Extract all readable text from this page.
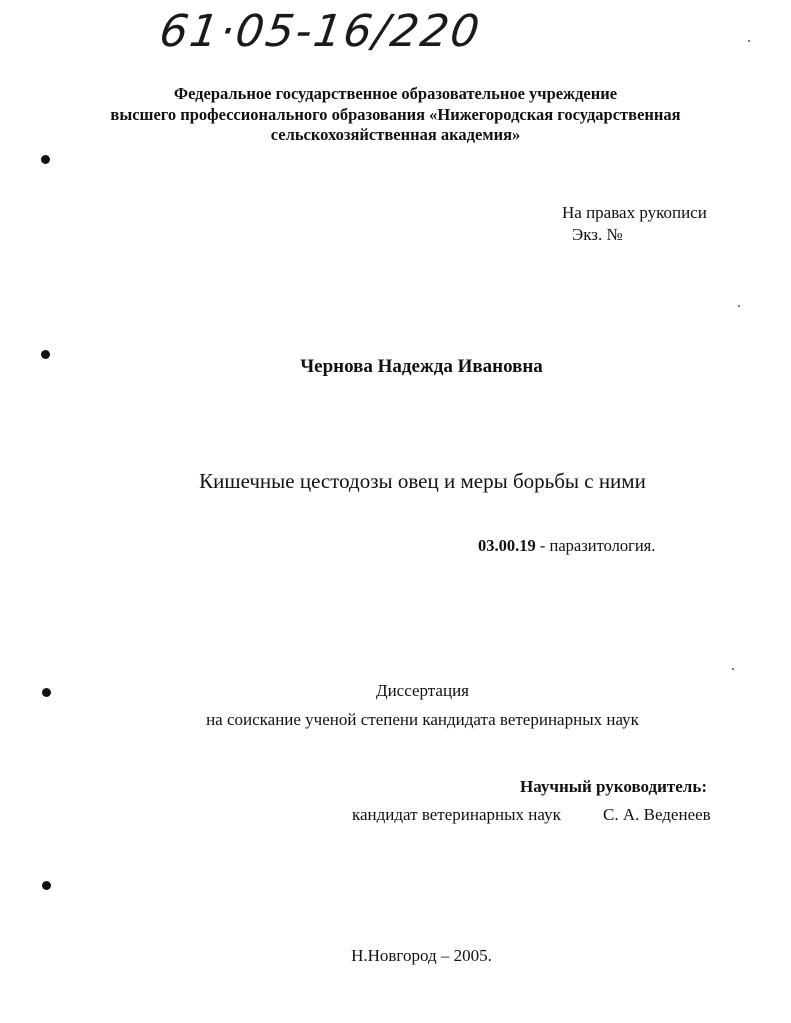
61·05-16/220
Федеральное государственное образовательное учреждение
высшего профессионального образования «Нижегородская государственная
сельскохозяйственная академия»
На правах рукописи
Экз. №
Чернова Надежда Ивановна
Кишечные цестодозы овец и меры борьбы с ними
03.00.19 - паразитология.
Диссертация
на соискание ученой степени кандидата ветеринарных наук
Научный руководитель:
кандидат ветеринарных наук С. А. Веденеев
Н.Новгород – 2005.
